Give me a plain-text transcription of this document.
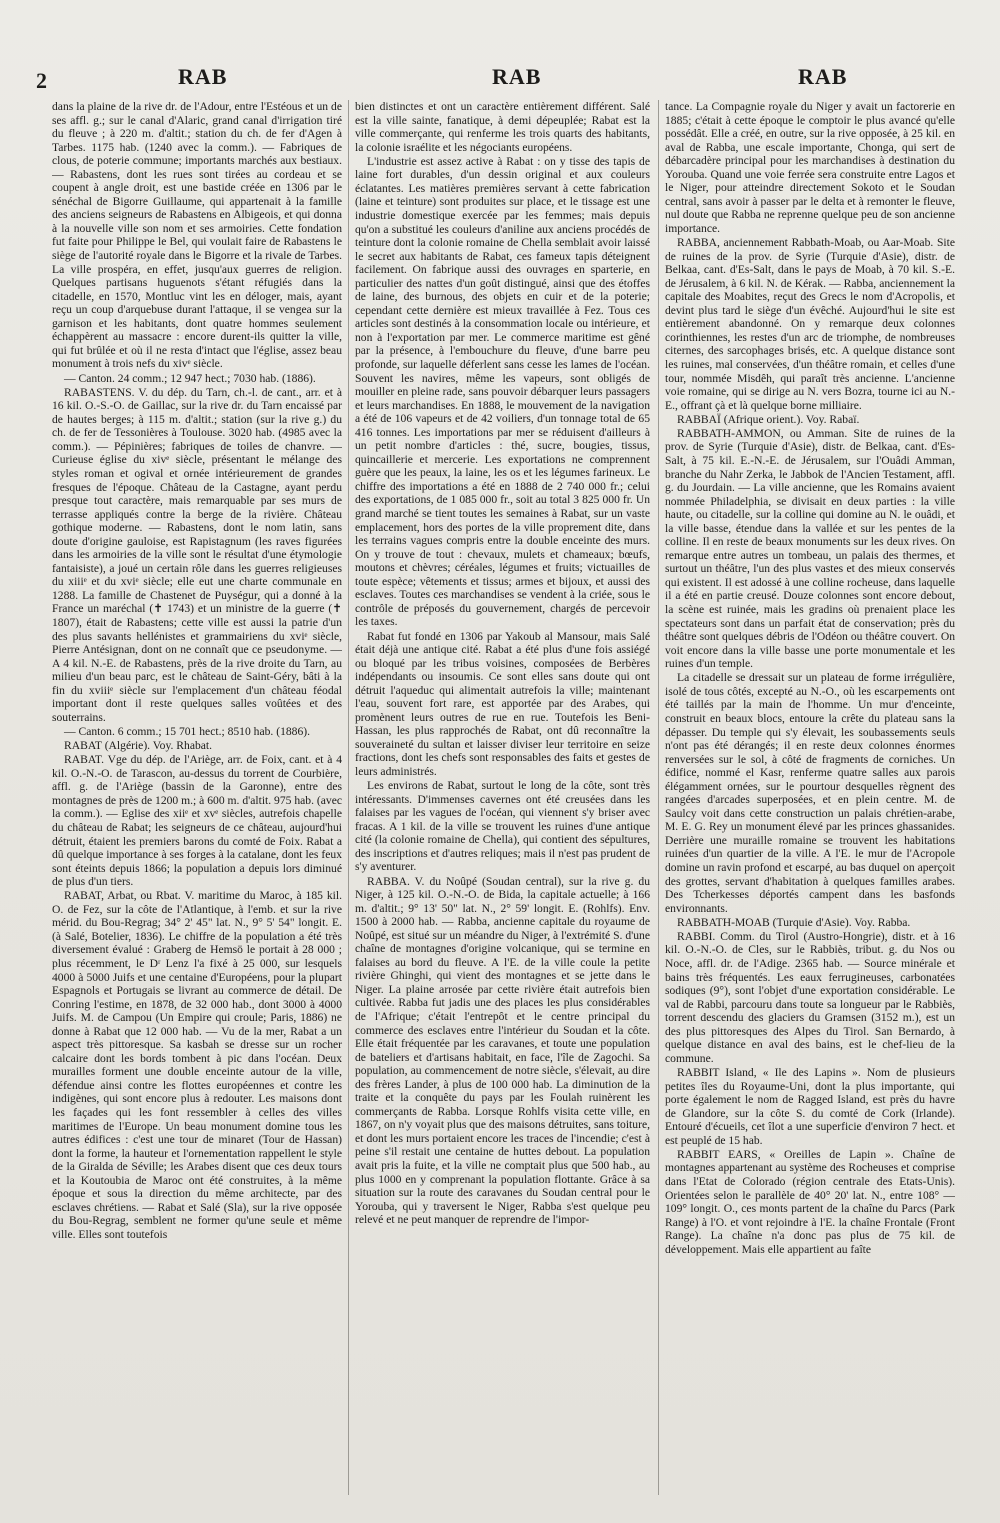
2	RAB	RAB	RAB

dans la plaine de la rive dr. de l'Adour, entre l'Estéous et un de ses affl. g.; sur le canal d'Alaric, grand canal d'irrigation tiré du fleuve ; à 220 m. d'altit.; station du ch. de fer d'Agen à Tarbes. 1175 hab. (1240 avec la comm.). — Fabriques de clous, de poterie commune; importants marchés aux bestiaux. — Rabastens, dont les rues sont tirées au cordeau et se coupent à angle droit, est une bastide créée en 1306 par le sénéchal de Bigorre Guillaume, qui appartenait à la famille des anciens seigneurs de Rabastens en Albigeois, et qui donna à la nouvelle ville son nom et ses armoiries. Cette fondation fut faite pour Philippe le Bel, qui voulait faire de Rabastens le siège de l'autorité royale dans le Bigorre et la rivale de Tarbes. La ville prospéra, en effet, jusqu'aux guerres de religion. Quelques partisans huguenots s'étant réfugiés dans la citadelle, en 1570, Montluc vint les en déloger, mais, ayant reçu un coup d'arquebuse durant l'attaque, il se vengea sur la garnison et les habitants, dont quatre hommes seulement échappèrent au massacre : encore durent-ils quitter la ville, qui fut brûlée et où il ne resta d'intact que l'église, assez beau monument à trois nefs du xivᵉ siècle.

— Canton. 24 comm.; 12 947 hect.; 7030 hab. (1886).

RABASTENS. V. du dép. du Tarn, ch.-l. de cant., arr. et à 16 kil. O.-S.-O. de Gaillac, sur la rive dr. du Tarn encaissé par de hautes berges; à 115 m. d'altit.; station (sur la rive g.) du ch. de fer de Tessonières à Toulouse. 3020 hab. (4985 avec la comm.). — Pépinières; fabriques de toiles de chanvre. — Curieuse église du xivᵉ siècle, présentant le mélange des styles roman et ogival et ornée intérieurement de grandes fresques de l'époque. Château de la Castagne, ayant perdu presque tout caractère, mais remarquable par ses murs de terrasse appliqués contre la berge de la rivière. Château gothique moderne. — Rabastens, dont le nom latin, sans doute d'origine gauloise, est Rapistagnum (les raves figurées dans les armoiries de la ville sont le résultat d'une étymologie fantaisiste), a joué un certain rôle dans les guerres religieuses du xiiiᵉ et du xviᵉ siècle; elle eut une charte communale en 1288. La famille de Chastenet de Puységur, qui a donné à la France un maréchal (✝ 1743) et un ministre de la guerre (✝ 1807), était de Rabastens; cette ville est aussi la patrie d'un des plus savants hellénistes et grammairiens du xviᵉ siècle, Pierre Antésignan, dont on ne connaît que ce pseudonyme. — A 4 kil. N.-E. de Rabastens, près de la rive droite du Tarn, au milieu d'un beau parc, est le château de Saint-Géry, bâti à la fin du xviiiᵉ siècle sur l'emplacement d'un château féodal important dont il reste quelques salles voûtées et des souterrains.

— Canton. 6 comm.; 15 701 hect.; 8510 hab. (1886).

RABAT (Algérie). Voy. Rhabat.

RABAT. Vge du dép. de l'Ariège, arr. de Foix, cant. et à 4 kil. O.-N.-O. de Tarascon, au-dessus du torrent de Courbière, affl. g. de l'Ariège (bassin de la Garonne), entre des montagnes de près de 1200 m.; à 600 m. d'altit. 975 hab. (avec la comm.). — Eglise des xiiᵉ et xvᵉ siècles, autrefois chapelle du château de Rabat; les seigneurs de ce château, aujourd'hui détruit, étaient les premiers barons du comté de Foix. Rabat a dû quelque importance à ses forges à la catalane, dont les feux sont éteints depuis 1866; la population a depuis lors diminué de plus d'un tiers.

RABAT, Arbat, ou Rbat. V. maritime du Maroc, à 185 kil. O. de Fez, sur la côte de l'Atlantique, à l'emb. et sur la rive mérid. du Bou-Regrag; 34° 2' 45" lat. N., 9° 5' 54" longit. E. (à Salé, Botelier, 1836). Le chiffre de la population a été très diversement évalué : Graberg de Hemsö le portait à 28 000 ; plus récemment, le Dʳ Lenz l'a fixé à 25 000, sur lesquels 4000 à 5000 Juifs et une centaine d'Européens, pour la plupart Espagnols et Portugais se livrant au commerce de détail. De Conring l'estime, en 1878, de 32 000 hab., dont 3000 à 4000 Juifs. M. de Campou (Un Empire qui croule; Paris, 1886) ne donne à Rabat que 12 000 hab. — Vu de la mer, Rabat a un aspect très pittoresque. Sa kasbah se dresse sur un rocher calcaire dont les bords tombent à pic dans l'océan. Deux murailles forment une double enceinte autour de la ville, défendue ainsi contre les flottes européennes et contre les indigènes, qui sont encore plus à redouter. Les maisons dont les façades qui les font ressembler à celles des villes maritimes de l'Europe. Un beau monument domine tous les autres édifices : c'est une tour de minaret (Tour de Hassan) dont la forme, la hauteur et l'ornementation rappellent le style de la Giralda de Séville; les Arabes disent que ces deux tours et la Koutoubia de Maroc ont été construites, à la même époque et sous la direction du même architecte, par des esclaves chrétiens. — Rabat et Salé (Sla), sur la rive opposée du Bou-Regrag, semblent ne former qu'une seule et même ville. Elles sont toutefois

bien distinctes et ont un caractère entièrement différent. Salé est la ville sainte, fanatique, à demi dépeuplée; Rabat est la ville commerçante, qui renferme les trois quarts des habitants, la colonie israélite et les négociants européens.

L'industrie est assez active à Rabat : on y tisse des tapis de laine fort durables, d'un dessin original et aux couleurs éclatantes. Les matières premières servant à cette fabrication (laine et teinture) sont produites sur place, et le tissage est une industrie domestique exercée par les femmes; mais depuis qu'on a substitué les couleurs d'aniline aux anciens procédés de teinture dont la colonie romaine de Chella semblait avoir laissé le secret aux habitants de Rabat, ces fameux tapis déteignent facilement. On fabrique aussi des ouvrages en sparterie, en particulier des nattes d'un goût distingué, ainsi que des étoffes de laine, des burnous, des objets en cuir et de la poterie; cependant cette dernière est mieux travaillée à Fez. Tous ces articles sont destinés à la consommation locale ou intérieure, et non à l'exportation par mer. Le commerce maritime est gêné par la présence, à l'embouchure du fleuve, d'une barre peu profonde, sur laquelle déferlent sans cesse les lames de l'océan. Souvent les navires, même les vapeurs, sont obligés de mouiller en pleine rade, sans pouvoir débarquer leurs passagers et leurs marchandises. En 1888, le mouvement de la navigation a été de 106 vapeurs et de 42 voiliers, d'un tonnage total de 65 416 tonnes. Les importations par mer se réduisent d'ailleurs à un petit nombre d'articles : thé, sucre, bougies, tissus, quincaillerie et mercerie. Les exportations ne comprennent guère que les peaux, la laine, les os et les légumes farineux. Le chiffre des importations a été en 1888 de 2 740 000 fr.; celui des exportations, de 1 085 000 fr., soit au total 3 825 000 fr. Un grand marché se tient toutes les semaines à Rabat, sur un vaste emplacement, hors des portes de la ville proprement dite, dans les terrains vagues compris entre la double enceinte des murs. On y trouve de tout : chevaux, mulets et chameaux; bœufs, moutons et chèvres; céréales, légumes et fruits; victuailles de toute espèce; vêtements et tissus; armes et bijoux, et aussi des esclaves. Toutes ces marchandises se vendent à la criée, sous le contrôle de préposés du gouvernement, chargés de percevoir les taxes.

Rabat fut fondé en 1306 par Yakoub al Mansour, mais Salé était déjà une antique cité. Rabat a été plus d'une fois assiégé ou bloqué par les tribus voisines, composées de Berbères indépendants ou insoumis. Ce sont elles sans doute qui ont détruit l'aqueduc qui alimentait autrefois la ville; maintenant l'eau, souvent fort rare, est apportée par des Arabes, qui promènent leurs outres de rue en rue. Toutefois les Beni-Hassan, les plus rapprochés de Rabat, ont dû reconnaître la souveraineté du sultan et laisser diviser leur territoire en seize fractions, dont les chefs sont responsables des faits et gestes de leurs administrés.

Les environs de Rabat, surtout le long de la côte, sont très intéressants. D'immenses cavernes ont été creusées dans les falaises par les vagues de l'océan, qui viennent s'y briser avec fracas. A 1 kil. de la ville se trouvent les ruines d'une antique cité (la colonie romaine de Chella), qui contient des sépultures, des inscriptions et d'autres reliques; mais il n'est pas prudent de s'y aventurer.

RABBA. V. du Noûpé (Soudan central), sur la rive g. du Niger, à 125 kil. O.-N.-O. de Bida, la capitale actuelle; à 166 m. d'altit.; 9° 13' 50" lat. N., 2° 59' longit. E. (Rohlfs). Env. 1500 à 2000 hab. — Rabba, ancienne capitale du royaume de Noûpé, est situé sur un méandre du Niger, à l'extrémité S. d'une chaîne de montagnes d'origine volcanique, qui se termine en falaises au bord du fleuve. A l'E. de la ville coule la petite rivière Ghinghi, qui vient des montagnes et se jette dans le Niger. La plaine arrosée par cette rivière était autrefois bien cultivée. Rabba fut jadis une des places les plus considérables de l'Afrique; c'était l'entrepôt et le centre principal du commerce des esclaves entre l'intérieur du Soudan et la côte. Elle était fréquentée par les caravanes, et toute une population de bateliers et d'artisans habitait, en face, l'île de Zagochi. Sa population, au commencement de notre siècle, s'élevait, au dire des frères Lander, à plus de 100 000 hab. La diminution de la traite et la conquête du pays par les Foulah ruinèrent les commerçants de Rabba. Lorsque Rohlfs visita cette ville, en 1867, on n'y voyait plus que des maisons détruites, sans toiture, et dont les murs portaient encore les traces de l'incendie; c'est à peine s'il restait une centaine de huttes debout. La population avait pris la fuite, et la ville ne comptait plus que 500 hab., au plus 1000 en y comprenant la population flottante. Grâce à sa situation sur la route des caravanes du Soudan central pour le Yorouba, qui y traversent le Niger, Rabba s'est quelque peu relevé et ne peut manquer de reprendre de l'impor-

tance. La Compagnie royale du Niger y avait un factorerie en 1885; c'était à cette époque le comptoir le plus avancé qu'elle possédât. Elle a créé, en outre, sur la rive opposée, à 25 kil. en aval de Rabba, une escale importante, Chonga, qui sert de débarcadère principal pour les marchandises à destination du Yorouba. Quand une voie ferrée sera construite entre Lagos et le Niger, pour atteindre directement Sokoto et le Soudan central, sans avoir à passer par le delta et à remonter le fleuve, nul doute que Rabba ne reprenne quelque peu de son ancienne importance.

RABBA, anciennement Rabbath-Moab, ou Aar-Moab. Site de ruines de la prov. de Syrie (Turquie d'Asie), distr. de Belkaa, cant. d'Es-Salt, dans le pays de Moab, à 70 kil. S.-E. de Jérusalem, à 6 kil. N. de Kérak. — Rabba, anciennement la capitale des Moabites, reçut des Grecs le nom d'Acropolis, et devint plus tard le siège d'un évêché. Aujourd'hui le site est entièrement abandonné. On y remarque deux colonnes corinthiennes, les restes d'un arc de triomphe, de nombreuses citernes, des sarcophages brisés, etc. A quelque distance sont les ruines, mal conservées, d'un théâtre romain, et celles d'une tour, nommée Misdêh, qui paraît très ancienne. L'ancienne voie romaine, qui se dirige au N. vers Bozra, tourne ici au N.-E., offrant çà et là quelque borne milliaire.

RABBAÏ (Afrique orient.). Voy. Rabaï.

RABBATH-AMMON, ou Amman. Site de ruines de la prov. de Syrie (Turquie d'Asie), distr. de Belkaa, cant. d'Es-Salt, à 75 kil. E.-N.-E. de Jérusalem, sur l'Ouâdi Amman, branche du Nahr Zerka, le Jabbok de l'Ancien Testament, affl. g. du Jourdain. — La ville ancienne, que les Romains avaient nommée Philadelphia, se divisait en deux parties : la ville haute, ou citadelle, sur la colline qui domine au N. le ouâdi, et la ville basse, étendue dans la vallée et sur les pentes de la colline. Il en reste de beaux monuments sur les deux rives. On remarque entre autres un tombeau, un palais des thermes, et surtout un théâtre, l'un des plus vastes et des mieux conservés qui existent. Il est adossé à une colline rocheuse, dans laquelle il a été en partie creusé. Douze colonnes sont encore debout, la scène est ruinée, mais les gradins où prenaient place les spectateurs sont dans un parfait état de conservation; près du théâtre sont quelques débris de l'Odéon ou théâtre couvert. On voit encore dans la ville basse une porte monumentale et les ruines d'un temple.

La citadelle se dressait sur un plateau de forme irrégulière, isolé de tous côtés, excepté au N.-O., où les escarpements ont été taillés par la main de l'homme. Un mur d'enceinte, construit en beaux blocs, entoure la crête du plateau sans la dépasser. Du temple qui s'y élevait, les soubassements seuls n'ont pas été dérangés; il en reste deux colonnes énormes renversées sur le sol, à côté de fragments de corniches. Un édifice, nommé el Kasr, renferme quatre salles aux parois élégamment ornées, sur le pourtour desquelles règnent des rangées d'arcades superposées, et en plein centre. M. de Saulcy voit dans cette construction un palais chrétien-arabe, M. E. G. Rey un monument élevé par les princes ghassanides. Derrière une muraille romaine se trouvent les habitations ruinées d'un quartier de la ville. A l'E. le mur de l'Acropole domine un ravin profond et escarpé, au bas duquel on aperçoit des grottes, servant d'habitation à quelques familles arabes. Des Tcherkesses déportés campent dans les basfonds environnants.

RABBATH-MOAB (Turquie d'Asie). Voy. Rabba.

RABBI. Comm. du Tirol (Austro-Hongrie), distr. et à 16 kil. O.-N.-O. de Cles, sur le Rabbiès, tribut. g. du Nos ou Noce, affl. dr. de l'Adige. 2365 hab. — Source minérale et bains très fréquentés. Les eaux ferrugineuses, carbonatées sodiques (9°), sont l'objet d'une exportation considérable. Le val de Rabbi, parcouru dans toute sa longueur par le Rabbiès, torrent descendu des glaciers du Gramsen (3152 m.), est un des plus pittoresques des Alpes du Tirol. San Bernardo, à quelque distance en aval des bains, est le chef-lieu de la commune.

RABBIT Island, « Ile des Lapins ». Nom de plusieurs petites îles du Royaume-Uni, dont la plus importante, qui porte également le nom de Ragged Island, est près du havre de Glandore, sur la côte S. du comté de Cork (Irlande). Entouré d'écueils, cet îlot a une superficie d'environ 7 hect. et est peuplé de 15 hab.

RABBIT EARS, « Oreilles de Lapin ». Chaîne de montagnes appartenant au système des Rocheuses et comprise dans l'Etat de Colorado (région centrale des Etats-Unis). Orientées selon le parallèle de 40° 20' lat. N., entre 108° — 109° longit. O., ces monts partent de la chaîne du Parcs (Park Range) à l'O. et vont rejoindre à l'E. la chaîne Frontale (Front Range). La chaîne n'a donc pas plus de 75 kil. de développement. Mais elle appartient au faîte
